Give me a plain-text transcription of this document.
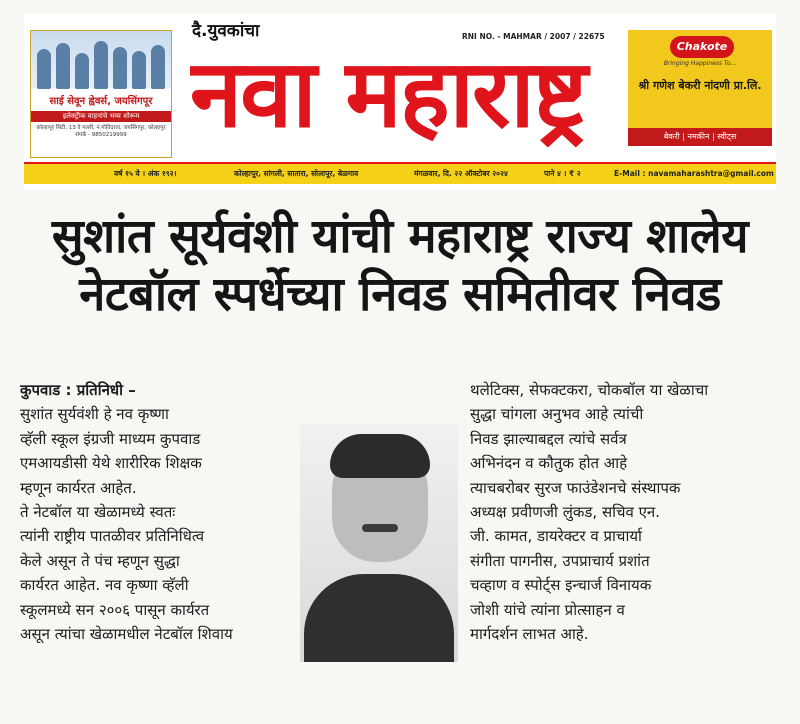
साई सेवून ह्वेवर्स, जयसिंगपूर
इलेक्ट्रीक वाहनांचे भव्य शोरूम
कोल्हापूर सिटी, 13 वे गल्ली, नं.गोविंदराव, जयसिंगपूर, कोल्हापूर संपर्क - 9850219999
दै.युवकांचा
नवा महाराष्ट्र
RNI NO. - MAHMAR / 2007 / 22675
Chakote
Bringing Happiness To...
श्री गणेश बेकरी नांदणी प्रा.लि.
बेकरी | नमकीन | स्वीट्स
वर्ष १५ वे । अंक १९२।	कोल्हापूर, सांगली, सातारा, सोलापूर, बेळगाव	मंगळवार, दि. २२ ऑक्टोबर २०२४	पाने ४ । ₹ २	E-Mail : navamaharashtra@gmail.com
सुशांत सूर्यवंशी यांची महाराष्ट्र राज्य शालेय
नेटबॉल स्पर्धेच्या निवड समितीवर निवड

कुपवाड : प्रतिनिधी –

सुशांत सुर्यवंशी हे नव कृष्णा

व्हॅली स्कूल इंग्रजी माध्यम कुपवाड

एमआयडीसी येथे शारीरिक शिक्षक

म्हणून कार्यरत आहेत.

ते नेटबॉल या खेळामध्ये स्वतः

त्यांनी राष्ट्रीय पातळीवर प्रतिनिधित्व

केले असून ते पंच म्हणून सुद्धा

कार्यरत आहेत. नव कृष्णा व्हॅली

स्कूलमध्ये सन २००६ पासून कार्यरत

असून त्यांचा खेळामधील नेटबॉल शिवाय

थलेटिक्स, सेफक्टकरा, चोकबॉल या खेळाचा

सुद्धा चांगला अनुभव आहे त्यांची

निवड झाल्याबद्दल त्यांचे सर्वत्र

अभिनंदन व कौतुक होत आहे

त्याचबरोबर सुरज फाउंडेशनचे संस्थापक

अध्यक्ष प्रवीणजी लुंकड, सचिव एन.

जी. कामत, डायरेक्टर व प्राचार्या

संगीता पागनीस, उपप्राचार्य प्रशांत

चव्हाण व स्पोर्ट्स इन्चार्ज विनायक

जोशी यांचे त्यांना प्रोत्साहन व

मार्गदर्शन लाभत आहे.
